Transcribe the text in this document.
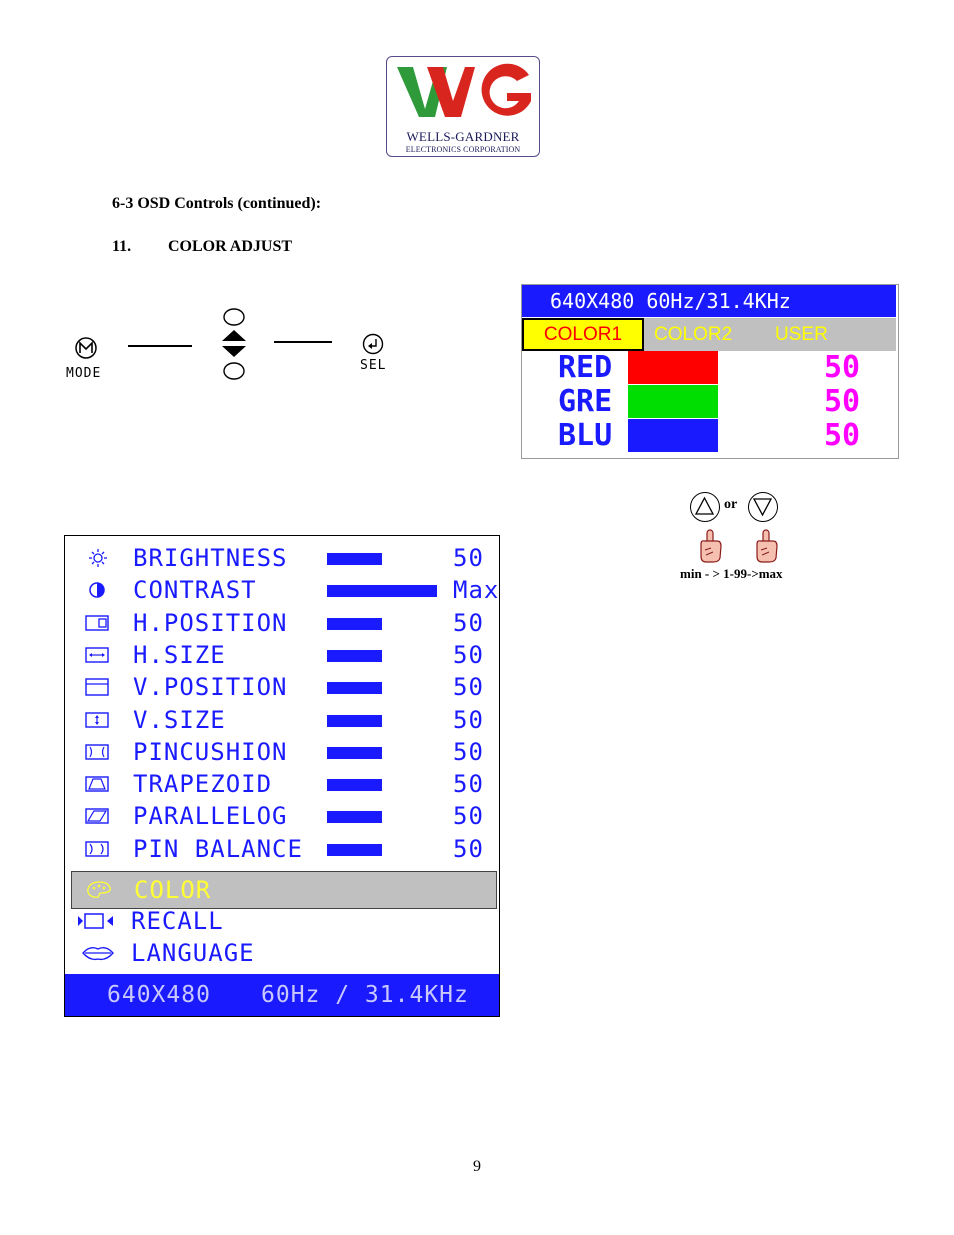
WELLS-GARDNER
ELECTRONICS CORPORATION
6-3 OSD Controls (continued):
11. COLOR ADJUST
MODE
SEL
640X480 60Hz/31.4KHz
COLOR1	COLOR2 USER
RED	50
GRE	50
BLU	50
or
min - > 1-99->max
BRIGHTNESS	50
CONTRAST	Max
H.POSITION	50
H.SIZE	50
V.POSITION	50
V.SIZE	50
PINCUSHION	50
TRAPEZOID	50
PARALLELOG	50
PIN BALANCE	50
COLOR
RECALL
LANGUAGE
640X480 60Hz / 31.4KHz
9
